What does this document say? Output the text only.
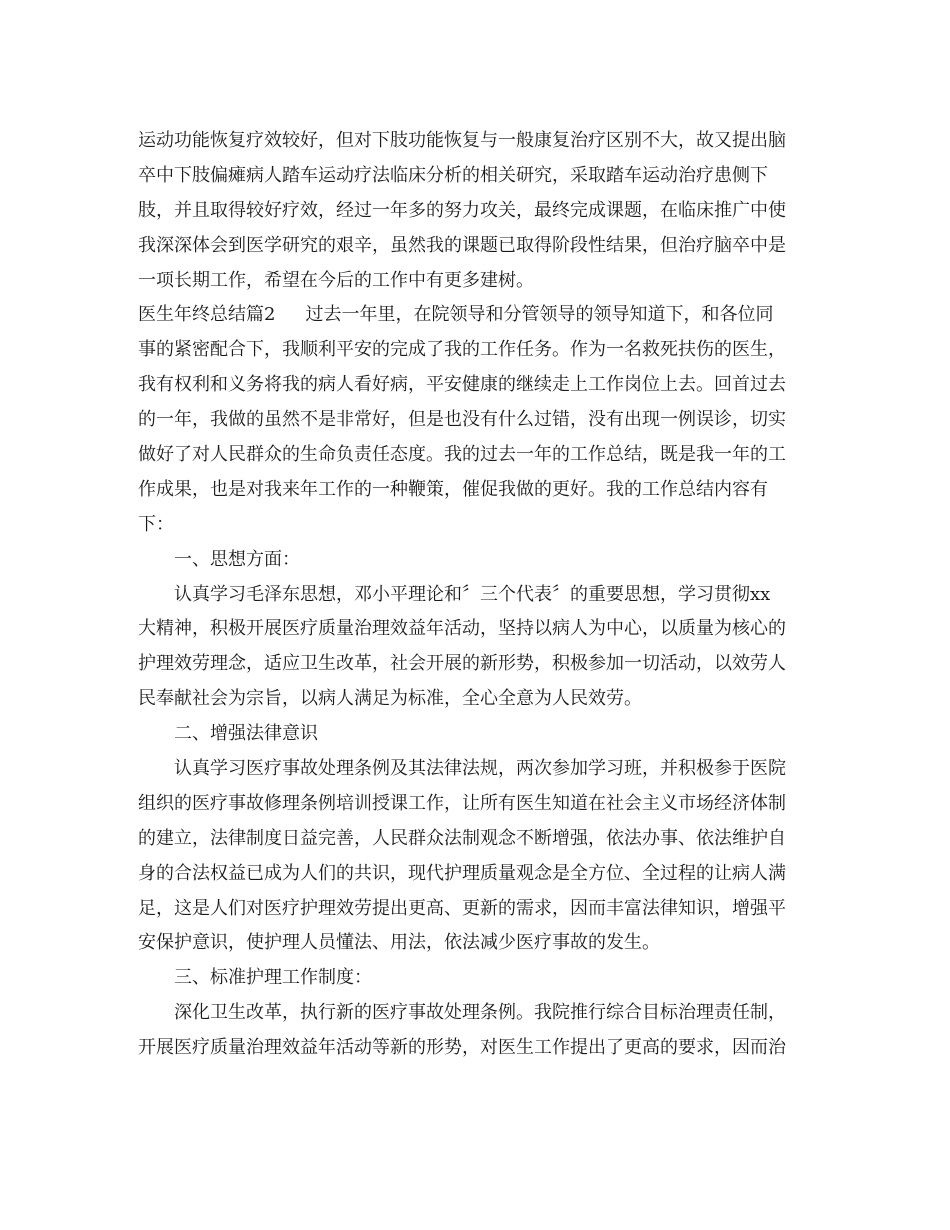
运动功能恢复疗效较好，但对下肢功能恢复与一般康复治疗区别不大，故又提出脑
卒中下肢偏瘫病人踏车运动疗法临床分析的相关研究，采取踏车运动治疗患侧下
肢，并且取得较好疗效，经过一年多的努力攻关，最终完成课题，在临床推广中使
我深深体会到医学研究的艰辛，虽然我的课题已取得阶段性结果，但治疗脑卒中是
一项长期工作，希望在今后的工作中有更多建树。
医生年终总结篇2 过去一年里，在院领导和分管领导的领导知道下，和各位同
事的紧密配合下，我顺利平安的完成了我的工作任务。作为一名救死扶伤的医生，
我有权利和义务将我的病人看好病，平安健康的继续走上工作岗位上去。回首过去
的一年，我做的虽然不是非常好，但是也没有什么过错，没有出现一例误诊，切实
做好了对人民群众的生命负责任态度。我的过去一年的工作总结，既是我一年的工
作成果，也是对我来年工作的一种鞭策，催促我做的更好。我的工作总结内容有
下：
　　一、思想方面：
　　认真学习毛泽东思想，邓小平理论和〞三个代表〞的重要思想，学习贯彻xx
大精神，积极开展医疗质量治理效益年活动，坚持以病人为中心，以质量为核心的
护理效劳理念，适应卫生改革，社会开展的新形势，积极参加一切活动，以效劳人
民奉献社会为宗旨，以病人满足为标准，全心全意为人民效劳。
　　二、增强法律意识
　　认真学习医疗事故处理条例及其法律法规，两次参加学习班，并积极参于医院
组织的医疗事故修理条例培训授课工作，让所有医生知道在社会主义市场经济体制
的建立，法律制度日益完善，人民群众法制观念不断增强，依法办事、依法维护自
身的合法权益已成为人们的共识，现代护理质量观念是全方位、全过程的让病人满
足，这是人们对医疗护理效劳提出更高、更新的需求，因而丰富法律知识，增强平
安保护意识，使护理人员懂法、用法，依法减少医疗事故的发生。
　　三、标准护理工作制度：
　　深化卫生改革，执行新的医疗事故处理条例。我院推行综合目标治理责任制，
开展医疗质量治理效益年活动等新的形势，对医生工作提出了更高的要求，因而治
